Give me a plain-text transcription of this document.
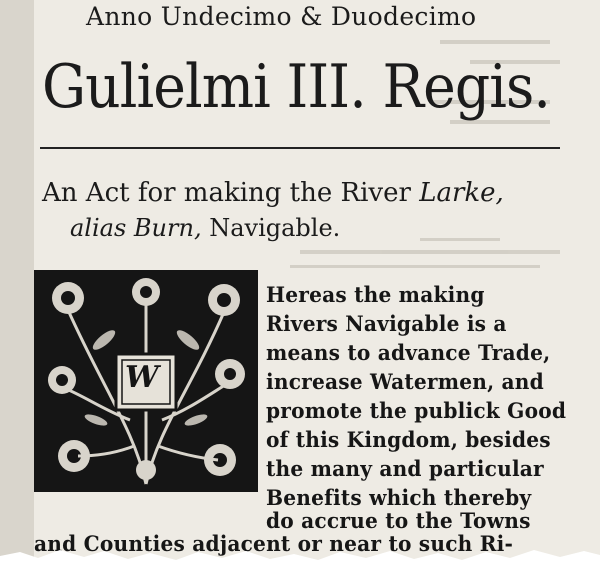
Anno Undecimo & Duodecimo
Gulielmi III. Regis.
An Act for making the River Larke,
alias Burn, Navigable.
W
Hereas the making
Rivers Navigable is a
means to advance Trade,
increase Watermen, and
promote the publick Good
of this Kingdom, besides
the many and particular
Benefits which thereby
do accrue to the Towns
and Counties adjacent or near to such Ri-
